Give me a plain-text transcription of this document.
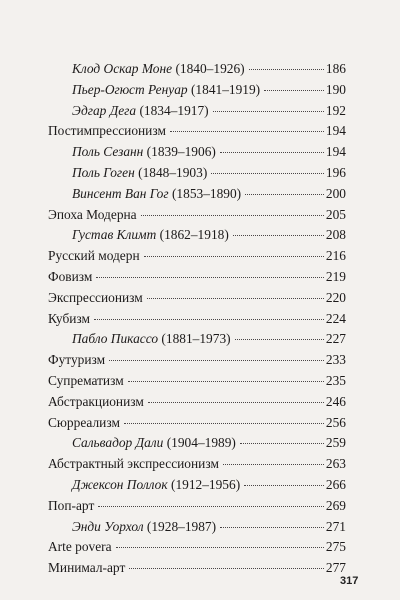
Клод Оскар Моне (1840–1926)	186
Пьер-Огюст Ренуар (1841–1919)	190
Эдгар Дега (1834–1917)	192
Постимпрессионизм	194
Поль Сезанн (1839–1906)	194
Поль Гоген (1848–1903)	196
Винсент Ван Гог (1853–1890)	200
Эпоха Модерна	205
Густав Климт (1862–1918)	208
Русский модерн	216
Фовизм	219
Экспрессионизм	220
Кубизм	224
Пабло Пикассо (1881–1973)	227
Футуризм	233
Супрематизм	235
Абстракционизм	246
Сюрреализм	256
Сальвадор Дали (1904–1989)	259
Абстрактный экспрессионизм	263
Джексон Поллок (1912–1956)	266
Поп-арт	269
Энди Уорхол (1928–1987)	271
Arte povera	275
Минимал-арт	277
317
